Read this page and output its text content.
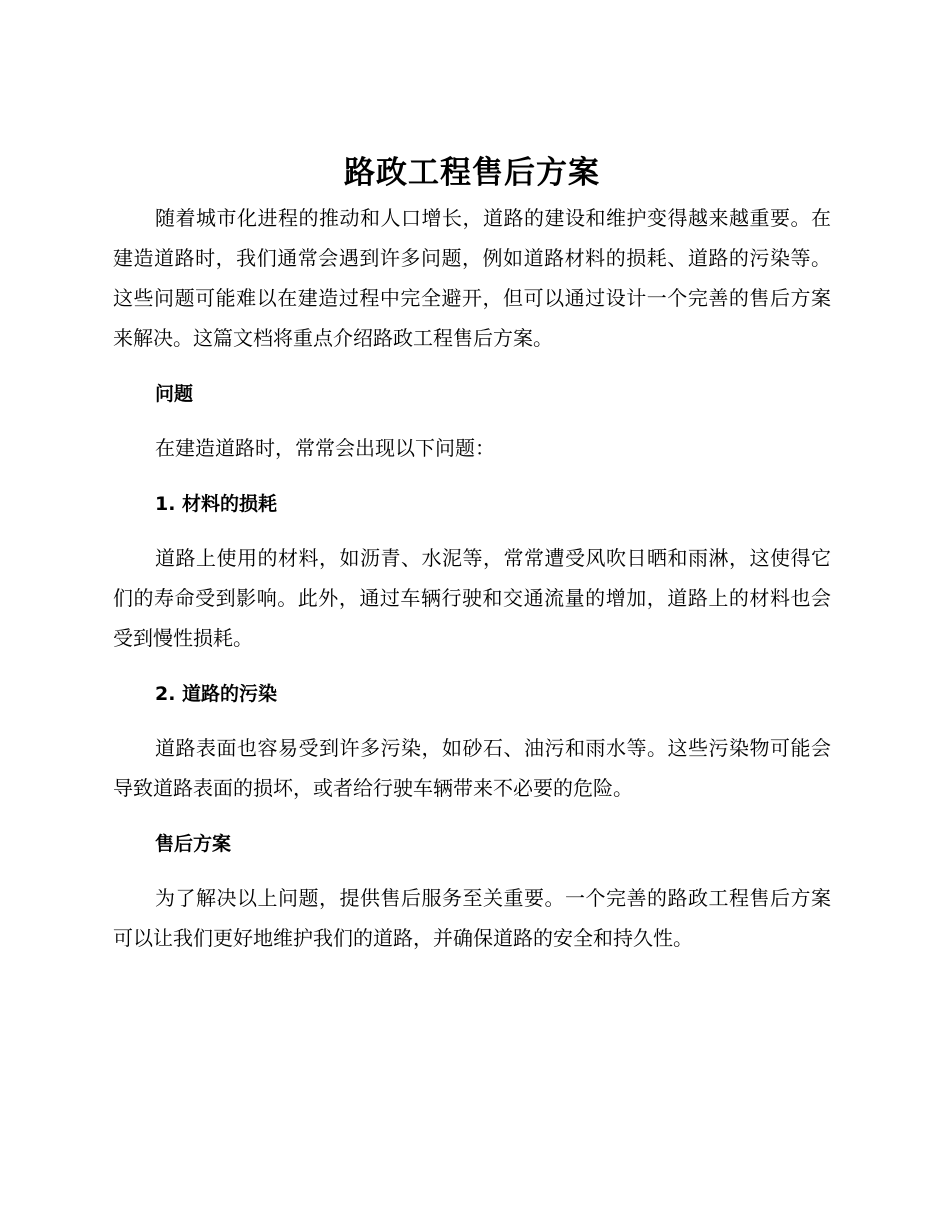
路政工程售后方案

随着城市化进程的推动和人口增长，道路的建设和维护变得越来越重要。在建造道路时，我们通常会遇到许多问题，例如道路材料的损耗、道路的污染等。这些问题可能难以在建造过程中完全避开，但可以通过设计一个完善的售后方案来解决。这篇文档将重点介绍路政工程售后方案。

问题

在建造道路时，常常会出现以下问题：

1. 材料的损耗

道路上使用的材料，如沥青、水泥等，常常遭受风吹日晒和雨淋，这使得它们的寿命受到影响。此外，通过车辆行驶和交通流量的增加，道路上的材料也会受到慢性损耗。

2. 道路的污染

道路表面也容易受到许多污染，如砂石、油污和雨水等。这些污染物可能会导致道路表面的损坏，或者给行驶车辆带来不必要的危险。

售后方案

为了解决以上问题，提供售后服务至关重要。一个完善的路政工程售后方案可以让我们更好地维护我们的道路，并确保道路的安全和持久性。
